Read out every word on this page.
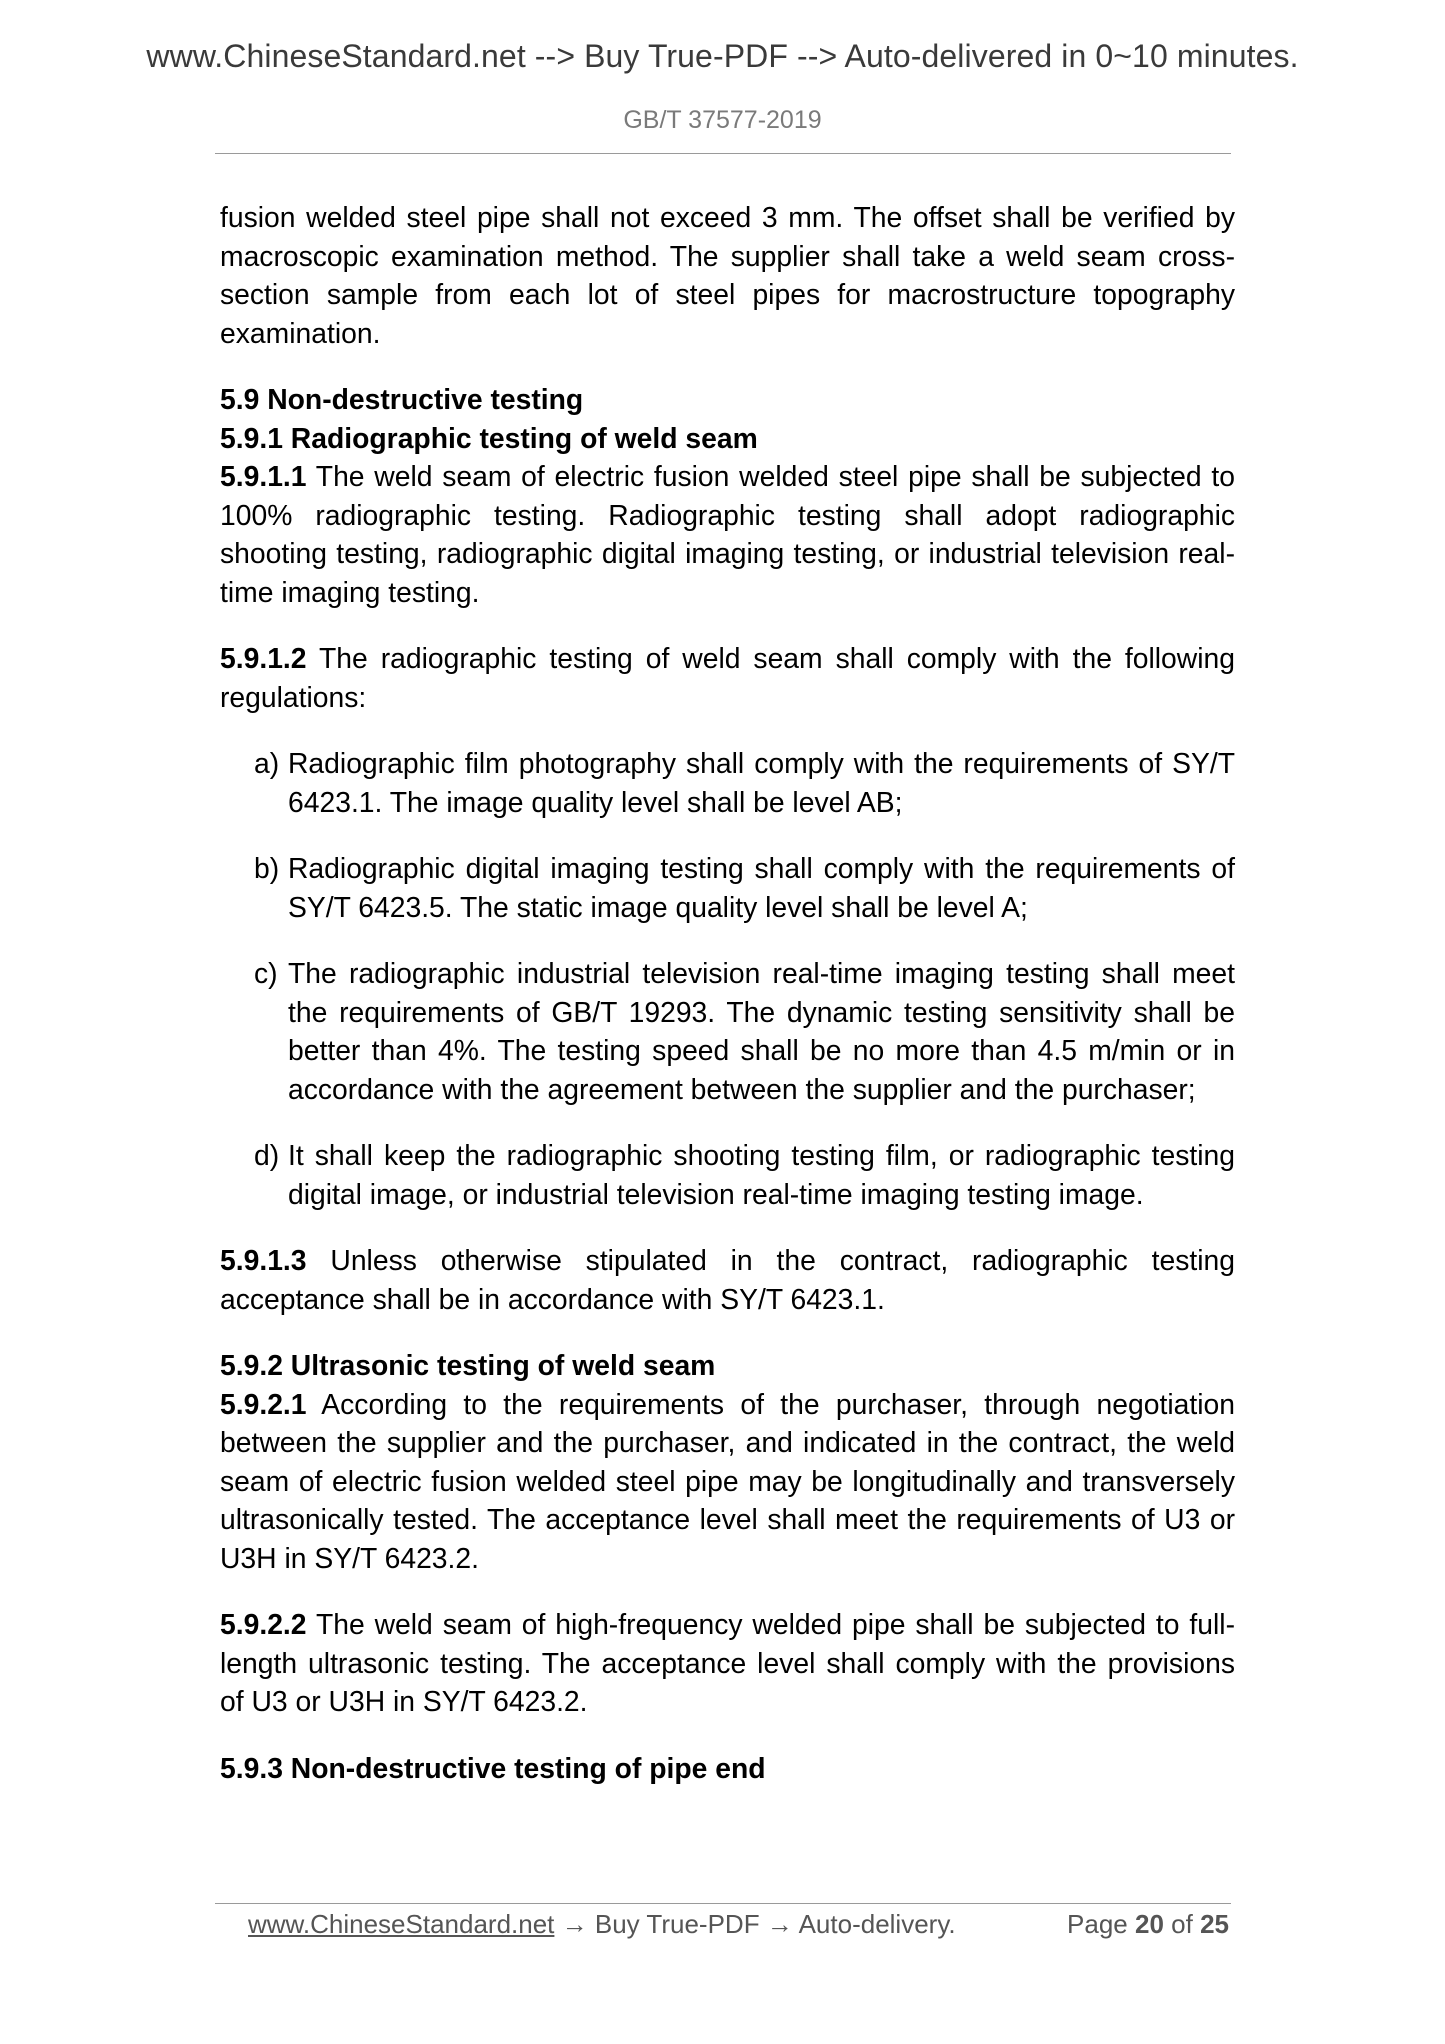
www.ChineseStandard.net --> Buy True-PDF --> Auto-delivered in 0~10 minutes.
GB/T 37577-2019

fusion welded steel pipe shall not exceed 3 mm. The offset shall be verified by macroscopic examination method. The supplier shall take a weld seam cross-section sample from each lot of steel pipes for macrostructure topography examination.

5.9 Non-destructive testing

5.9.1 Radiographic testing of weld seam

5.9.1.1 The weld seam of electric fusion welded steel pipe shall be subjected to 100% radiographic testing. Radiographic testing shall adopt radiographic shooting testing, radiographic digital imaging testing, or industrial television real-time imaging testing.

5.9.1.2 The radiographic testing of weld seam shall comply with the following regulations:

a) Radiographic film photography shall comply with the requirements of SY/T 6423.1. The image quality level shall be level AB;
b) Radiographic digital imaging testing shall comply with the requirements of SY/T 6423.5. The static image quality level shall be level A;
c) The radiographic industrial television real-time imaging testing shall meet the requirements of GB/T 19293. The dynamic testing sensitivity shall be better than 4%. The testing speed shall be no more than 4.5 m/min or in accordance with the agreement between the supplier and the purchaser;
d) It shall keep the radiographic shooting testing film, or radiographic testing digital image, or industrial television real-time imaging testing image.

5.9.1.3 Unless otherwise stipulated in the contract, radiographic testing acceptance shall be in accordance with SY/T 6423.1.

5.9.2 Ultrasonic testing of weld seam

5.9.2.1 According to the requirements of the purchaser, through negotiation between the supplier and the purchaser, and indicated in the contract, the weld seam of electric fusion welded steel pipe may be longitudinally and transversely ultrasonically tested. The acceptance level shall meet the requirements of U3 or U3H in SY/T 6423.2.

5.9.2.2 The weld seam of high-frequency welded pipe shall be subjected to full-length ultrasonic testing. The acceptance level shall comply with the provisions of U3 or U3H in SY/T 6423.2.

5.9.3 Non-destructive testing of pipe end

www.ChineseStandard.net → Buy True-PDF → Auto-delivery.	Page 20 of 25
